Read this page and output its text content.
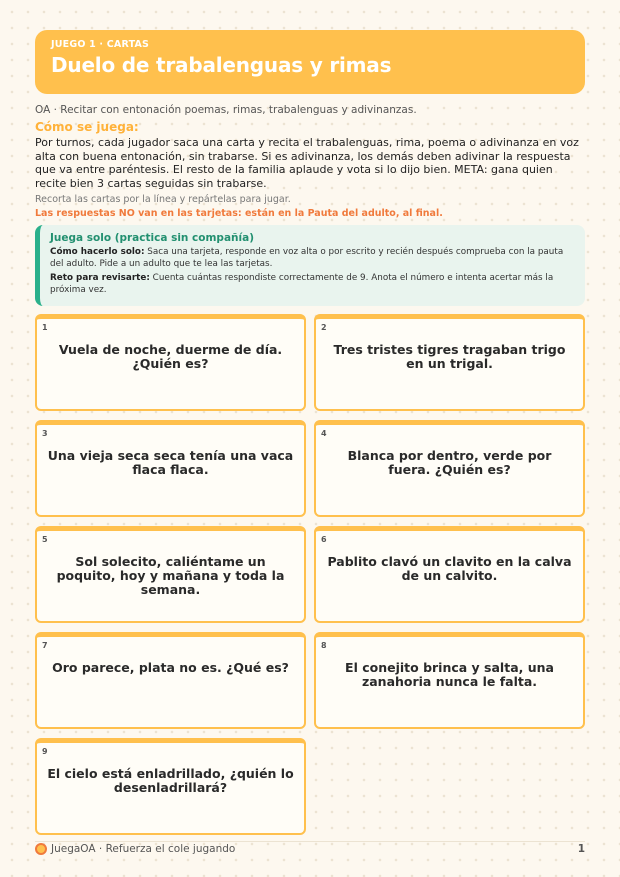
JUEGO 1 · CARTAS
Duelo de trabalenguas y rimas
OA · Recitar con entonación poemas, rimas, trabalenguas y adivinanzas.
Cómo se juega:
Por turnos, cada jugador saca una carta y recita el trabalenguas, rima, poema o adivinanza en voz alta con buena entonación, sin trabarse. Si es adivinanza, los demás deben adivinar la respuesta que va entre paréntesis. El resto de la familia aplaude y vota si lo dijo bien. META: gana quien recite bien 3 cartas seguidas sin trabarse.
Recorta las cartas por la línea y repártelas para jugar.
Las respuestas NO van en las tarjetas: están en la Pauta del adulto, al final.
Juega solo (practica sin compañía)
Cómo hacerlo solo: Saca una tarjeta, responde en voz alta o por escrito y recién después comprueba con la pauta del adulto. Pide a un adulto que te lea las tarjetas.
Reto para revisarte: Cuenta cuántas respondiste correctamente de 9. Anota el número e intenta acertar más la próxima vez.
1
Vuela de noche, duerme de día. ¿Quién es?
2
Tres tristes tigres tragaban trigo en un trigal.
3
Una vieja seca seca tenía una vaca flaca flaca.
4
Blanca por dentro, verde por fuera. ¿Quién es?
5
Sol solecito, caliéntame un poquito, hoy y mañana y toda la semana.
6
Pablito clavó un clavito en la calva de un calvito.
7
Oro parece, plata no es. ¿Qué es?
8
El conejito brinca y salta, una zanahoria nunca le falta.
9
El cielo está enladrillado, ¿quién lo desenladrillará?
JuegaOA · Refuerza el cole jugando	1
